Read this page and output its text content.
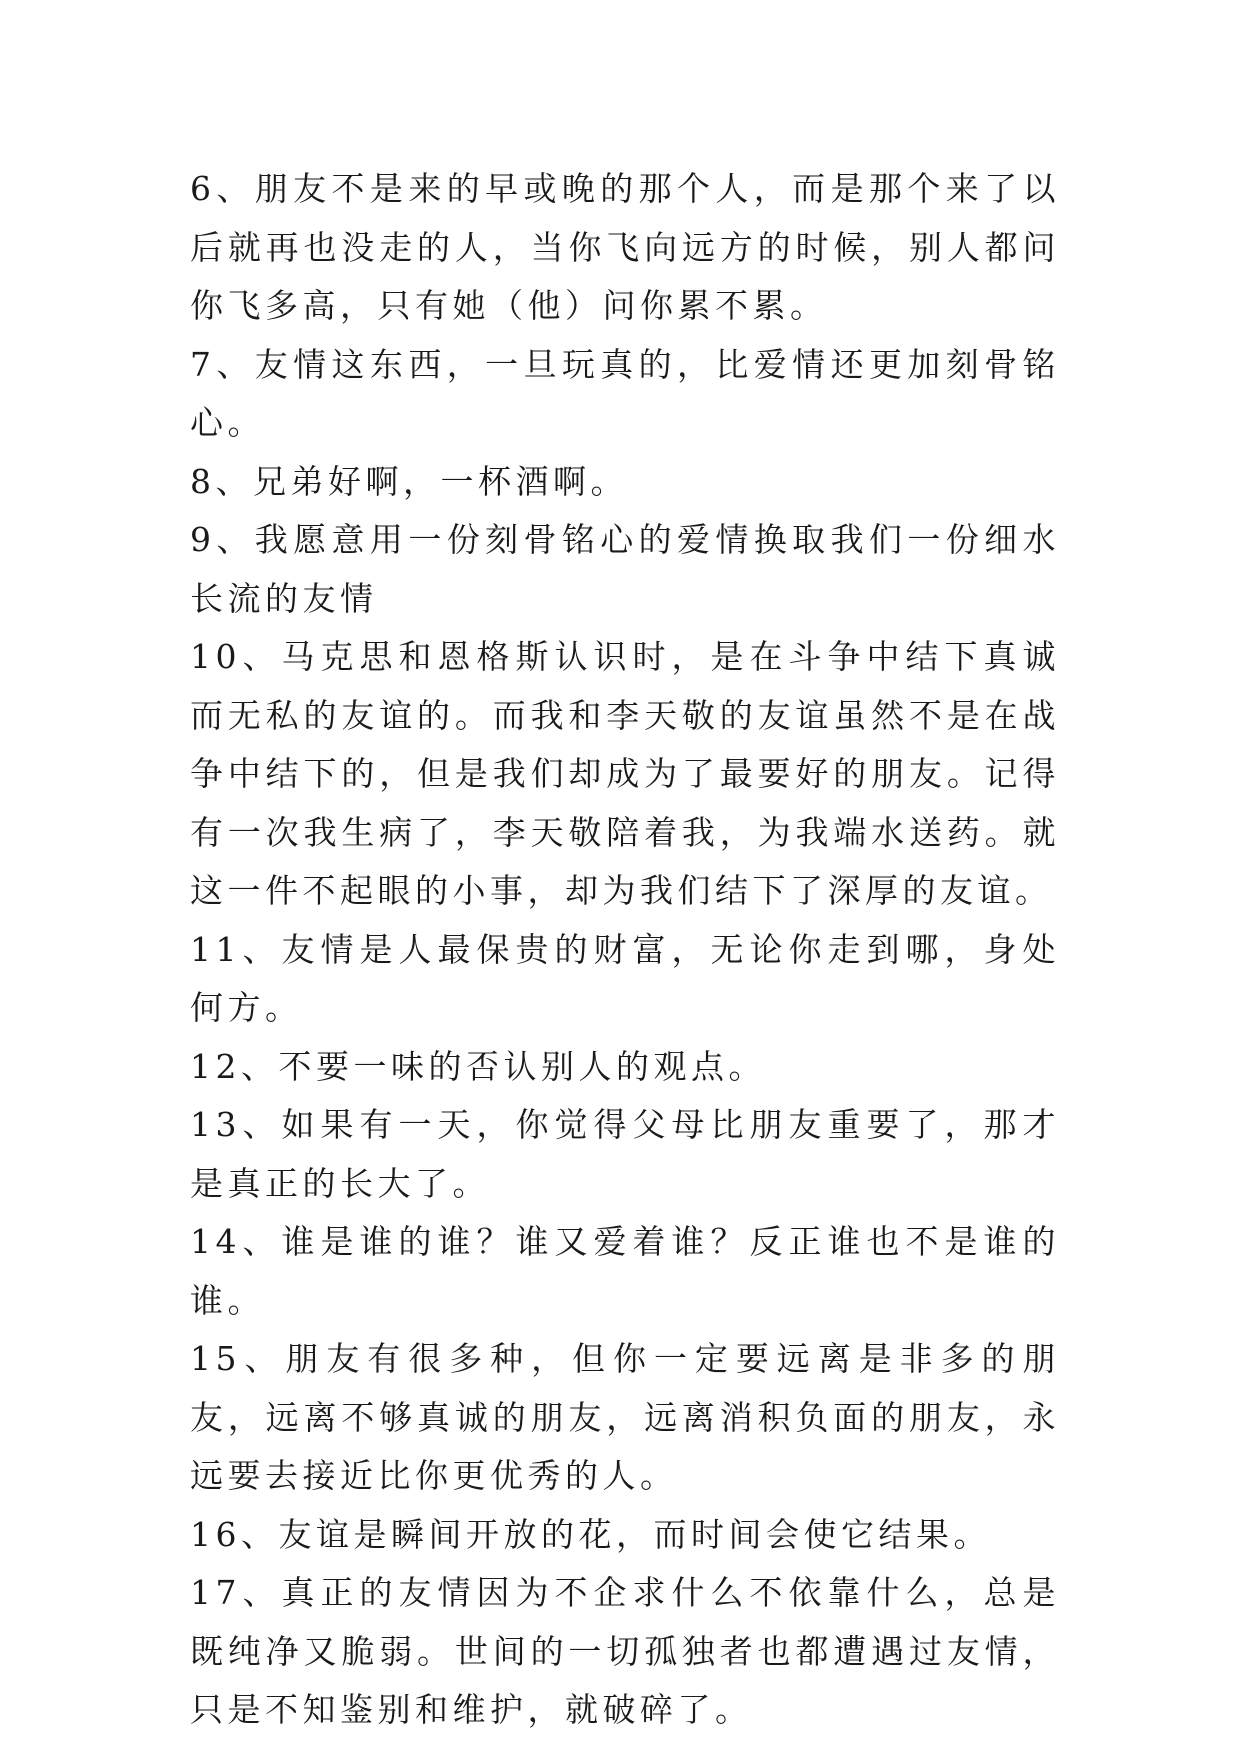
6、朋友不是来的早或晚的那个人，而是那个来了以后就再也没走的人，当你飞向远方的时候，别人都问你飞多高，只有她（他）问你累不累。

7、友情这东西，一旦玩真的，比爱情还更加刻骨铭心。

8、兄弟好啊，一杯酒啊。

9、我愿意用一份刻骨铭心的爱情换取我们一份细水长流的友情

10、马克思和恩格斯认识时，是在斗争中结下真诚而无私的友谊的。而我和李天敬的友谊虽然不是在战争中结下的，但是我们却成为了最要好的朋友。记得有一次我生病了，李天敬陪着我，为我端水送药。就这一件不起眼的小事，却为我们结下了深厚的友谊。

11、友情是人最保贵的财富，无论你走到哪，身处何方。

12、不要一味的否认别人的观点。

13、如果有一天，你觉得父母比朋友重要了，那才是真正的长大了。

14、谁是谁的谁？谁又爱着谁？反正谁也不是谁的谁。

15、朋友有很多种，但你一定要远离是非多的朋友，远离不够真诚的朋友，远离消积负面的朋友，永远要去接近比你更优秀的人。

16、友谊是瞬间开放的花，而时间会使它结果。

17、真正的友情因为不企求什么不依靠什么，总是既纯净又脆弱。世间的一切孤独者也都遭遇过友情，只是不知鉴别和维护，就破碎了。
